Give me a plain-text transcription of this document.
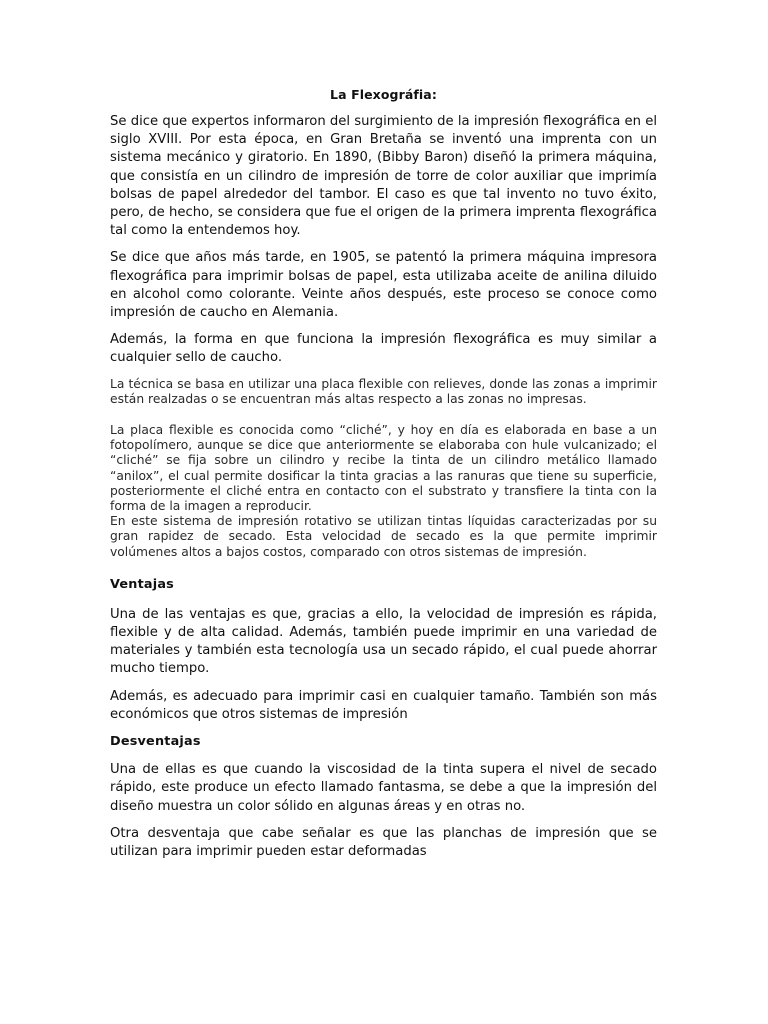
La Flexográfia:

Se dice que expertos informaron del surgimiento de la impresión flexográfica en el siglo XVIII. Por esta época, en Gran Bretaña se inventó una imprenta con un sistema mecánico y giratorio. En 1890, (Bibby Baron) diseñó la primera máquina, que consistía en un cilindro de impresión de torre de color auxiliar que imprimía bolsas de papel alrededor del tambor. El caso es que tal invento no tuvo éxito, pero, de hecho, se considera que fue el origen de la primera imprenta flexográfica tal como la entendemos hoy.

Se dice que años más tarde, en 1905, se patentó la primera máquina impresora flexográfica para imprimir bolsas de papel, esta utilizaba aceite de anilina diluido en alcohol como colorante. Veinte años después, este proceso se conoce como impresión de caucho en Alemania.

Además, la forma en que funciona la impresión flexográfica es muy similar a cualquier sello de caucho.

La técnica se basa en utilizar una placa flexible con relieves, donde las zonas a imprimir están realzadas o se encuentran más altas respecto a las zonas no impresas.

La placa flexible es conocida como “cliché”, y hoy en día es elaborada en base a un fotopolímero, aunque se dice que anteriormente se elaboraba con hule vulcanizado; el “cliché” se fija sobre un cilindro y recibe la tinta de un cilindro metálico llamado “anilox”, el cual permite dosificar la tinta gracias a las ranuras que tiene su superficie, posteriormente el cliché entra en contacto con el substrato y transfiere la tinta con la forma de la imagen a reproducir.

En este sistema de impresión rotativo se utilizan tintas líquidas caracterizadas por su gran rapidez de secado. Esta velocidad de secado es la que permite imprimir volúmenes altos a bajos costos, comparado con otros sistemas de impresión.

Ventajas

Una de las ventajas es que, gracias a ello, la velocidad de impresión es rápida, flexible y de alta calidad. Además, también puede imprimir en una variedad de materiales y también esta tecnología usa un secado rápido, el cual puede ahorrar mucho tiempo.

Además, es adecuado para imprimir casi en cualquier tamaño. También son más económicos que otros sistemas de impresión

Desventajas

Una de ellas es que cuando la viscosidad de la tinta supera el nivel de secado rápido, este produce un efecto llamado fantasma, se debe a que la impresión del diseño muestra un color sólido en algunas áreas y en otras no.

Otra desventaja que cabe señalar es que las planchas de impresión que se utilizan para imprimir pueden estar deformadas
